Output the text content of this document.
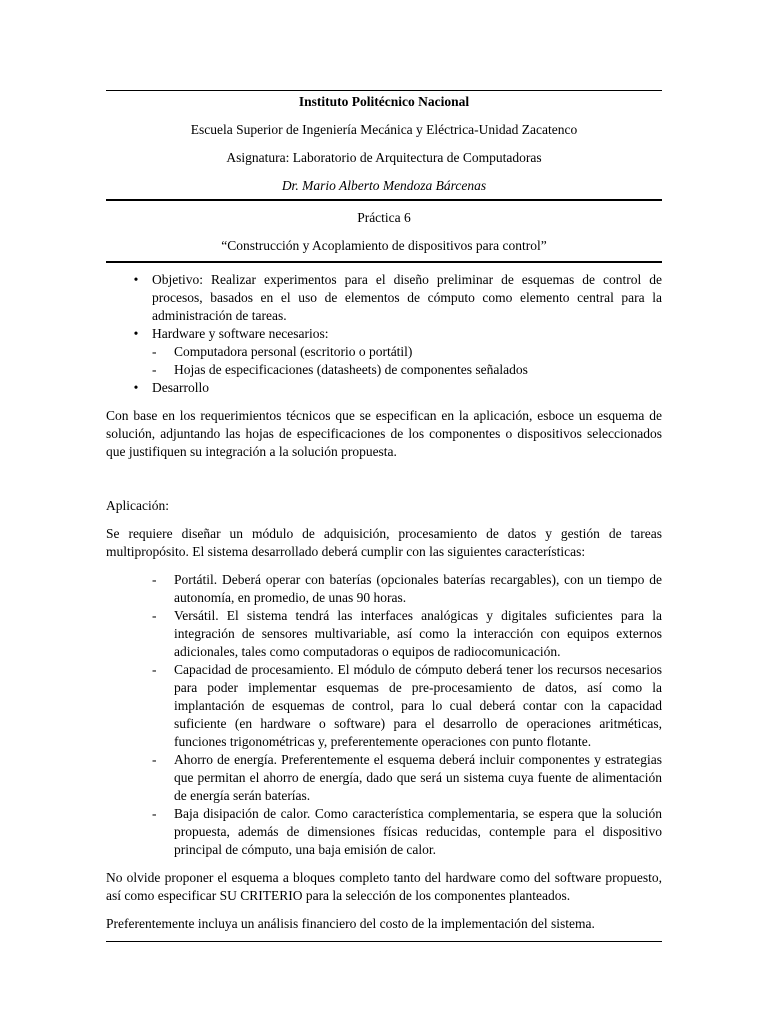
Instituto Politécnico Nacional

Escuela Superior de Ingeniería Mecánica y Eléctrica-Unidad Zacatenco

Asignatura: Laboratorio de Arquitectura de Computadoras

Dr. Mario Alberto Mendoza Bárcenas

Práctica 6

“Construcción y Acoplamiento de dispositivos para control”

• Objetivo: Realizar experimentos para el diseño preliminar de esquemas de control de procesos, basados en el uso de elementos de cómputo como elemento central para la administración de tareas.
• Hardware y software necesarios:
- Computadora personal (escritorio o portátil)
- Hojas de especificaciones (datasheets) de componentes señalados
• Desarrollo

Con base en los requerimientos técnicos que se especifican en la aplicación, esboce un esquema de solución, adjuntando las hojas de especificaciones de los componentes o dispositivos seleccionados que justifiquen su integración a la solución propuesta.

Aplicación:

Se requiere diseñar un módulo de adquisición, procesamiento de datos y gestión de tareas multipropósito. El sistema desarrollado deberá cumplir con las siguientes características:

- Portátil. Deberá operar con baterías (opcionales baterías recargables), con un tiempo de autonomía, en promedio, de unas 90 horas.
- Versátil. El sistema tendrá las interfaces analógicas y digitales suficientes para la integración de sensores multivariable, así como la interacción con equipos externos adicionales, tales como computadoras o equipos de radiocomunicación.
- Capacidad de procesamiento. El módulo de cómputo deberá tener los recursos necesarios para poder implementar esquemas de pre-procesamiento de datos, así como la implantación de esquemas de control, para lo cual deberá contar con la capacidad suficiente (en hardware o software) para el desarrollo de operaciones aritméticas, funciones trigonométricas y, preferentemente operaciones con punto flotante.
- Ahorro de energía. Preferentemente el esquema deberá incluir componentes y estrategias que permitan el ahorro de energía, dado que será un sistema cuya fuente de alimentación de energía serán baterías.
- Baja disipación de calor. Como característica complementaria, se espera que la solución propuesta, además de dimensiones físicas reducidas, contemple para el dispositivo principal de cómputo, una baja emisión de calor.

No olvide proponer el esquema a bloques completo tanto del hardware como del software propuesto, así como especificar SU CRITERIO para la selección de los componentes planteados.

Preferentemente incluya un análisis financiero del costo de la implementación del sistema.
